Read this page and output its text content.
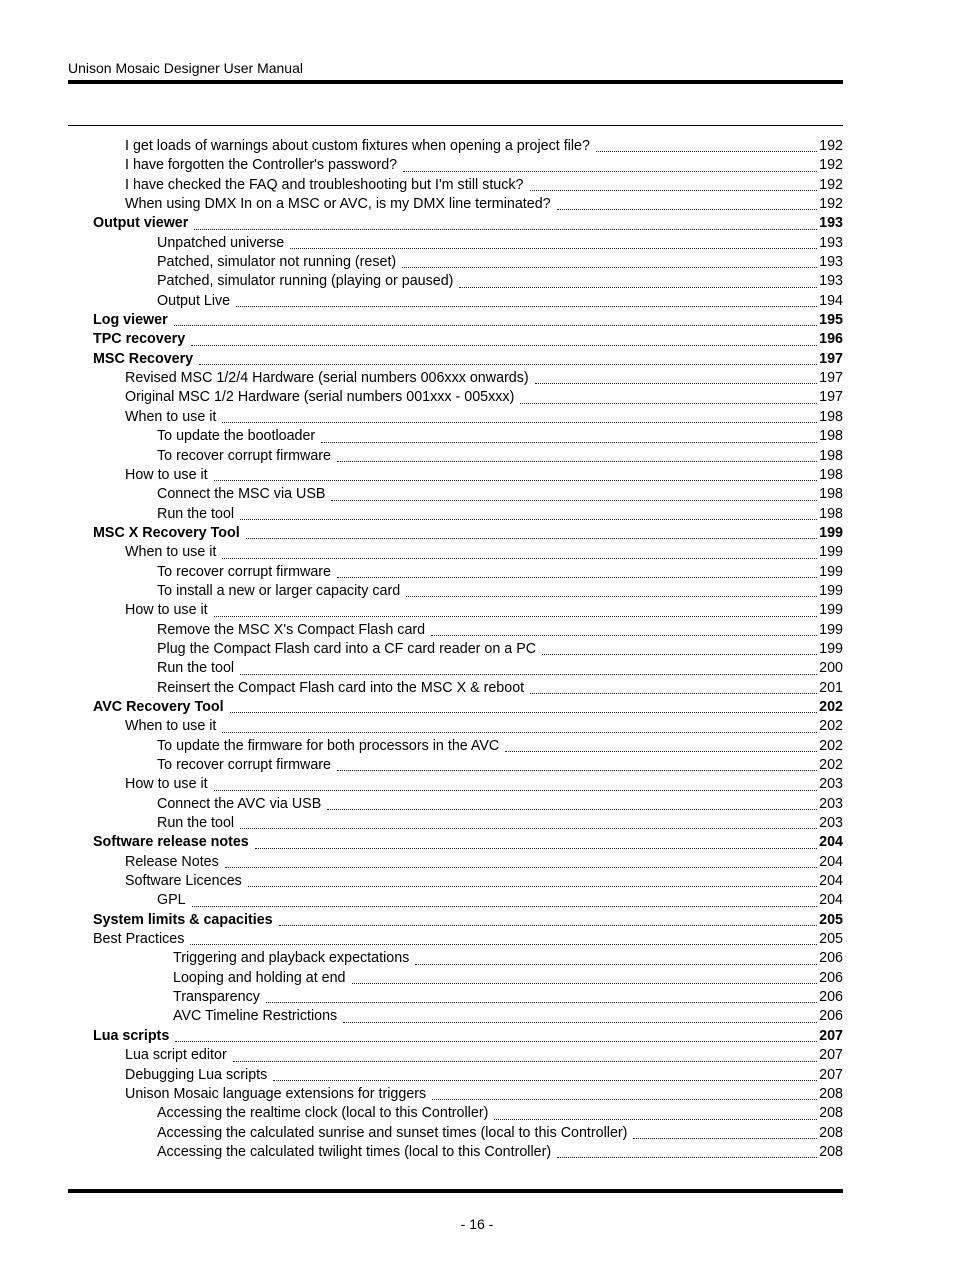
Unison Mosaic Designer User Manual
I get loads of warnings about custom fixtures when opening a project file?	192
I have forgotten the Controller's password?	192
I have checked the FAQ and troubleshooting but I'm still stuck?	192
When using DMX In on a MSC or AVC, is my DMX line terminated?	192
Output viewer	193
Unpatched universe	193
Patched, simulator not running (reset)	193
Patched, simulator running (playing or paused)	193
Output Live	194
Log viewer	195
TPC recovery	196
MSC Recovery	197
Revised MSC 1/2/4 Hardware (serial numbers 006xxx onwards)	197
Original MSC 1/2 Hardware (serial numbers 001xxx - 005xxx)	197
When to use it	198
To update the bootloader	198
To recover corrupt firmware	198
How to use it	198
Connect the MSC via USB	198
Run the tool	198
MSC X Recovery Tool	199
When to use it	199
To recover corrupt firmware	199
To install a new or larger capacity card	199
How to use it	199
Remove the MSC X's Compact Flash card	199
Plug the Compact Flash card into a CF card reader on a PC	199
Run the tool	200
Reinsert the Compact Flash card into the MSC X & reboot	201
AVC Recovery Tool	202
When to use it	202
To update the firmware for both processors in the AVC	202
To recover corrupt firmware	202
How to use it	203
Connect the AVC via USB	203
Run the tool	203
Software release notes	204
Release Notes	204
Software Licences	204
GPL	204
System limits & capacities	205
Best Practices	205
Triggering and playback expectations	206
Looping and holding at end	206
Transparency	206
AVC Timeline Restrictions	206
Lua scripts	207
Lua script editor	207
Debugging Lua scripts	207
Unison Mosaic language extensions for triggers	208
Accessing the realtime clock (local to this Controller)	208
Accessing the calculated sunrise and sunset times (local to this Controller)	208
Accessing the calculated twilight times (local to this Controller)	208
- 16 -
